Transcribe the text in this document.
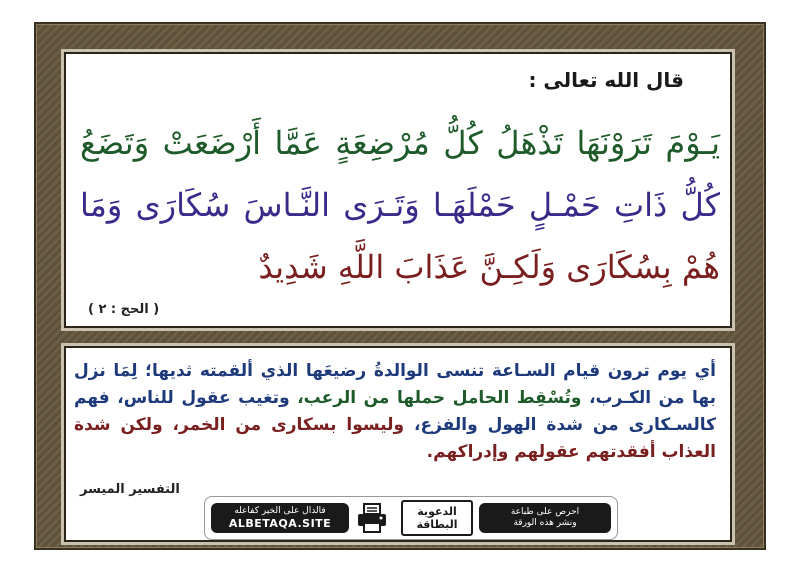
قال الله تعالى :
يَـوْمَ تَرَوْنَهَا تَذْهَلُ كُلُّ مُرْضِعَةٍ عَمَّا أَرْضَعَتْ وَتَضَعُ
كُلُّ ذَاتِ حَمْـلٍ حَمْلَهَـا وَتَـرَى النَّـاسَ سُكَارَى وَمَا
هُمْ بِسُكَارَى وَلَكِـنَّ عَذَابَ اللَّهِ شَدِيدٌ
( الحج : ٢ )
أي يوم ترون قيام السـاعة تنسى الوالدةُ رضيعَها الذي ألقمته ثديها؛ لِمَا نزل بها من الكـرب، وتُسْقِط الحامل حملها من الرعب، وتغيب عقول للناس، فهم كالسـكارى من شدة الهول والفزع، وليسوا بسكارى من الخمر، ولكن شدة العذاب أفقدتهم عقولهم وإدراكهم.
التفسير الميسر
فالدال على الخير كفاعله
ALBETAQA.SITE
الدعوية
البطاقة
احرص على طباعة
ونشر هذه الورقة
